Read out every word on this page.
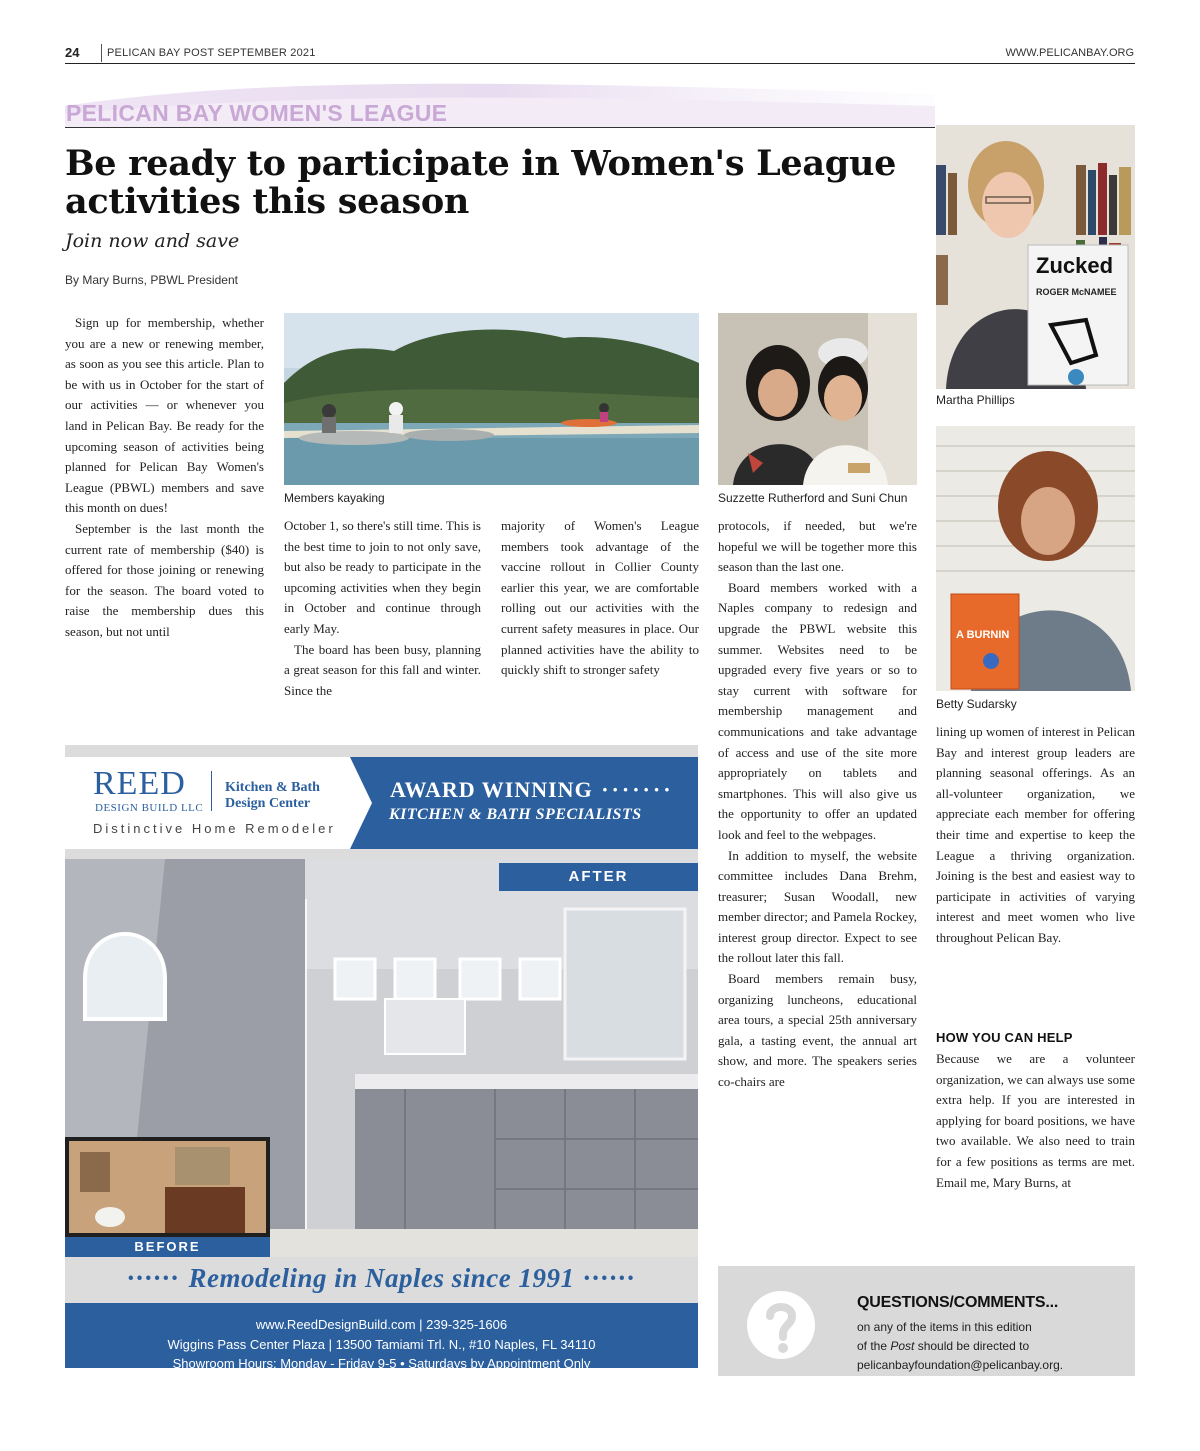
24	PELICAN BAY POST SEPTEMBER 2021	WWW.PELICANBAY.ORG
PELICAN BAY WOMEN'S LEAGUE
Be ready to participate in Women's League activities this season
Join now and save
By Mary Burns, PBWL President

Sign up for membership, whether you are a new or renewing member, as soon as you see this article. Plan to be with us in October for the start of our activities — or whenever you land in Pelican Bay. Be ready for the upcoming season of activities being planned for Pelican Bay Women's League (PBWL) members and save this month on dues!

September is the last month the current rate of membership ($40) is offered for those joining or renewing for the season. The board voted to raise the membership dues this season, but not until

Members kayaking	Suzzette Rutherford and Suni Chun

October 1, so there's still time. This is the best time to join to not only save, but also be ready to participate in the upcoming activities when they begin in October and continue through early May.

The board has been busy, planning a great season for this fall and winter. Since the

majority of Women's League members took advantage of the vaccine rollout in Collier County earlier this year, we are comfortable rolling out our activities with the current safety measures in place. Our planned activities have the ability to quickly shift to stronger safety

protocols, if needed, but we're hopeful we will be together more this season than the last one.

Board members worked with a Naples company to redesign and upgrade the PBWL website this summer. Websites need to be upgraded every five years or so to stay current with software for membership management and communications and take advantage of access and use of the site more appropriately on tablets and smartphones. This will also give us the opportunity to offer an updated look and feel to the webpages.

In addition to myself, the website committee includes Dana Brehm, treasurer; Susan Woodall, new member director; and Pamela Rockey, interest group director. Expect to see the rollout later this fall.

Board members remain busy, organizing luncheons, educational area tours, a special 25th anniversary gala, a tasting event, the annual art show, and more. The speakers series co-chairs are

Zucked
ROGER McNAMEE
Martha Phillips
A BURNIN
Betty Sudarsky

lining up women of interest in Pelican Bay and interest group leaders are planning seasonal offerings. As an all-volunteer organization, we appreciate each member for offering their time and expertise to keep the League a thriving organization. Joining is the best and easiest way to participate in activities of varying interest and meet women who live throughout Pelican Bay.

HOW YOU CAN HELP

Because we are a volunteer organization, we can always use some extra help. If you are interested in applying for board positions, we have two available. We also need to train for a few positions as terms are met. Email me, Mary Burns, at

REED
DESIGN BUILD LLC
Kitchen & Bath
Design Center
Distinctive Home Remodeler
AWARD WINNING ·······
KITCHEN & BATH SPECIALISTS
AFTER
BEFORE
······ Remodeling in Naples since 1991 ······
www.ReedDesignBuild.com | 239-325-1606
Wiggins Pass Center Plaza | 13500 Tamiami Trl. N., #10 Naples, FL 34110
Showroom Hours: Monday - Friday 9-5 • Saturdays by Appointment Only
Florida Licensed Contractor CBC1259565
QUESTIONS/COMMENTS...
on any of the items in this edition
of the Post should be directed to
pelicanbayfoundation@pelicanbay.org.
